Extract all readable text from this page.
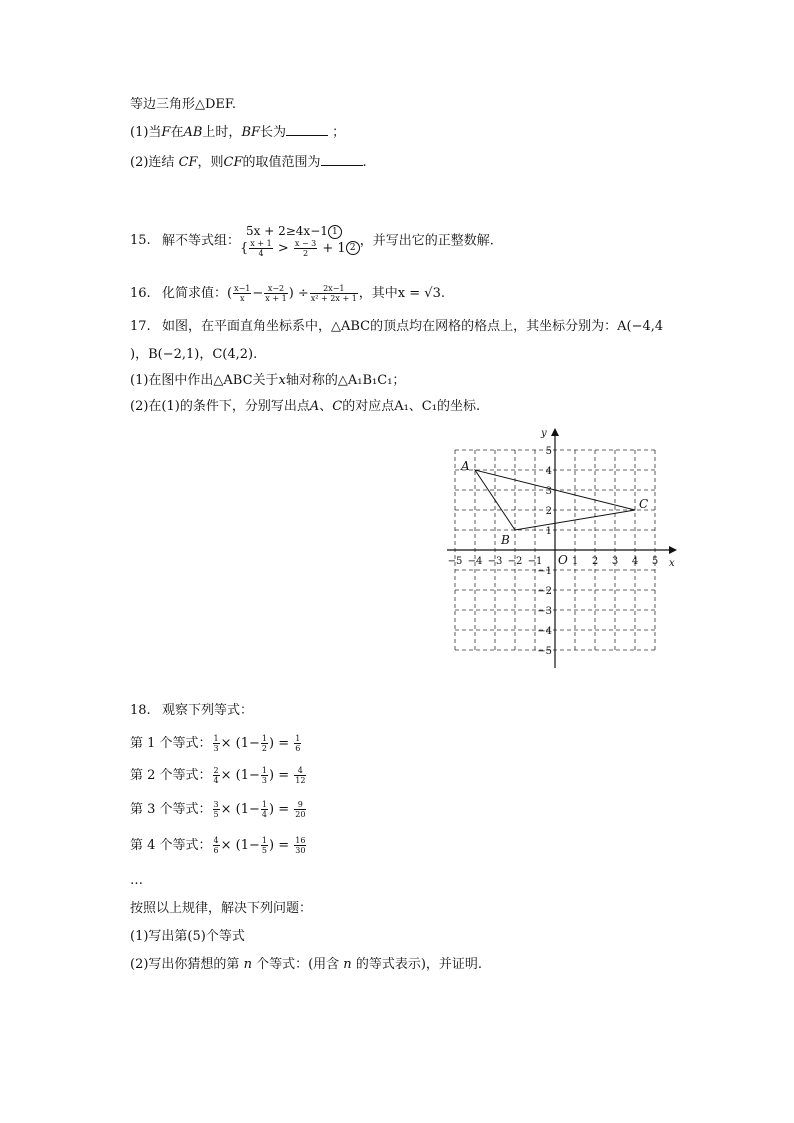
等边三角形△DEF.
(1)当F在AB上时，BF长为	；
(2)连结 CF，则CF的取值范围为	.
15. 解不等式组：
5x + 2≥4x−1 1
{ $\frac{x + 1}{4} > \frac{x - 3}{2} + 1$ 2 ，并写出它的正整数解.
16. 化简求值：( $\frac{x-1}{x} - \frac{x-2}{x + 1}$ ) ÷ $\frac{2x-1}{\text{x² + 2x + 1}}$ ，其中x = √3.
17. 如图，在平面直角坐标系中，△ABC的顶点均在网格的格点上，其坐标分别为：A(−4,4
)，B(−2,1)，C(4,2).
(1)在图中作出△ABC关于x轴对称的△A₁B₁C₁；
(2)在(1)的条件下，分别写出点A、C的对应点A₁、C₁的坐标.
−5 −4 −3 −2 −1	1 2 3 4 5
5
4
3
2
1
−1
−2
−3
−4
−5
A
B
C
x
y
O
18. 观察下列等式：
第 1 个等式： $\frac{1}{3} \times (1- \frac{1}{2}$ ) = $\frac{1}{6}$
第 2 个等式： $\frac{2}{4} \times (1- \frac{1}{3}$ ) = $\frac{4}{12}$
第 3 个等式： $\frac{3}{5} \times (1- \frac{1}{4}$ ) = $\frac{9}{20}$
第 4 个等式： $\frac{4}{6} \times (1- \frac{1}{5}$ ) = $\frac{16}{30}$
…
按照以上规律，解决下列问题：
(1)写出第(5)个等式
(2)写出你猜想的第 n 个等式：(用含 n 的等式表示)，并证明.
